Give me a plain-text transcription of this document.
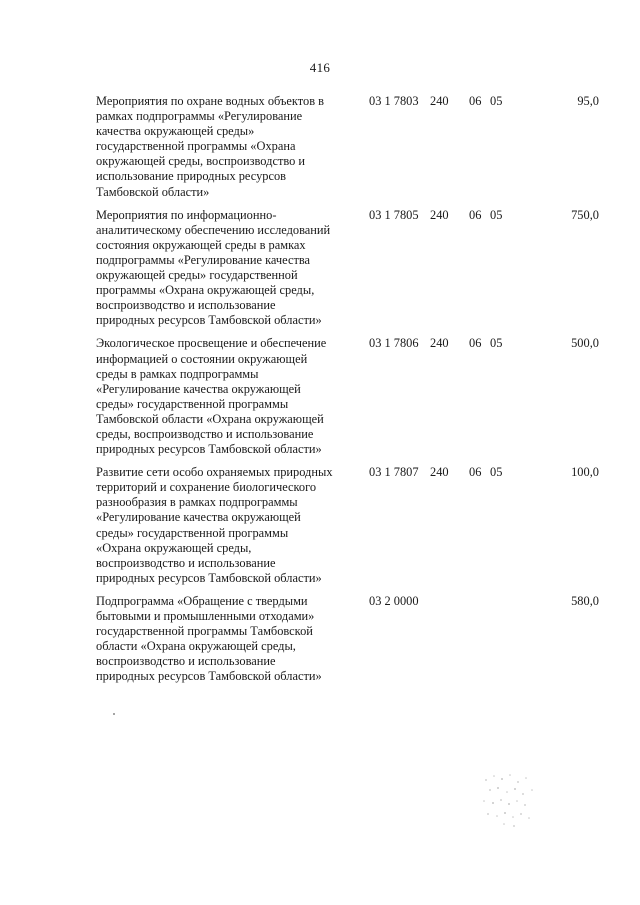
416
Мероприятия по охране водных объектов в
рамках подпрограммы «Регулирование
качества окружающей среды»
государственной программы «Охрана
окружающей среды, воспроизводство и
использование природных ресурсов
Тамбовской области»
03 1 7803 240 06 05	95,0
Мероприятия по информационно-
аналитическому обеспечению исследований
состояния окружающей среды в рамках
подпрограммы «Регулирование качества
окружающей среды» государственной
программы «Охрана окружающей среды,
воспроизводство и использование
природных ресурсов Тамбовской области»
03 1 7805 240 06 05	750,0
Экологическое просвещение и обеспечение
информацией о состоянии окружающей
среды в рамках подпрограммы
«Регулирование качества окружающей
среды» государственной программы
Тамбовской области «Охрана окружающей
среды, воспроизводство и использование
природных ресурсов Тамбовской области»
03 1 7806 240 06 05	500,0
Развитие сети особо охраняемых природных
территорий и сохранение биологического
разнообразия в рамках подпрограммы
«Регулирование качества окружающей
среды» государственной программы
«Охрана окружающей среды,
воспроизводство и использование
природных ресурсов Тамбовской области»
03 1 7807 240 06 05	100,0
Подпрограмма «Обращение с твердыми
бытовыми и промышленными отходами»
государственной программы Тамбовской
области «Охрана окружающей среды,
воспроизводство и использование
природных ресурсов Тамбовской области»
03 2 0000	580,0
